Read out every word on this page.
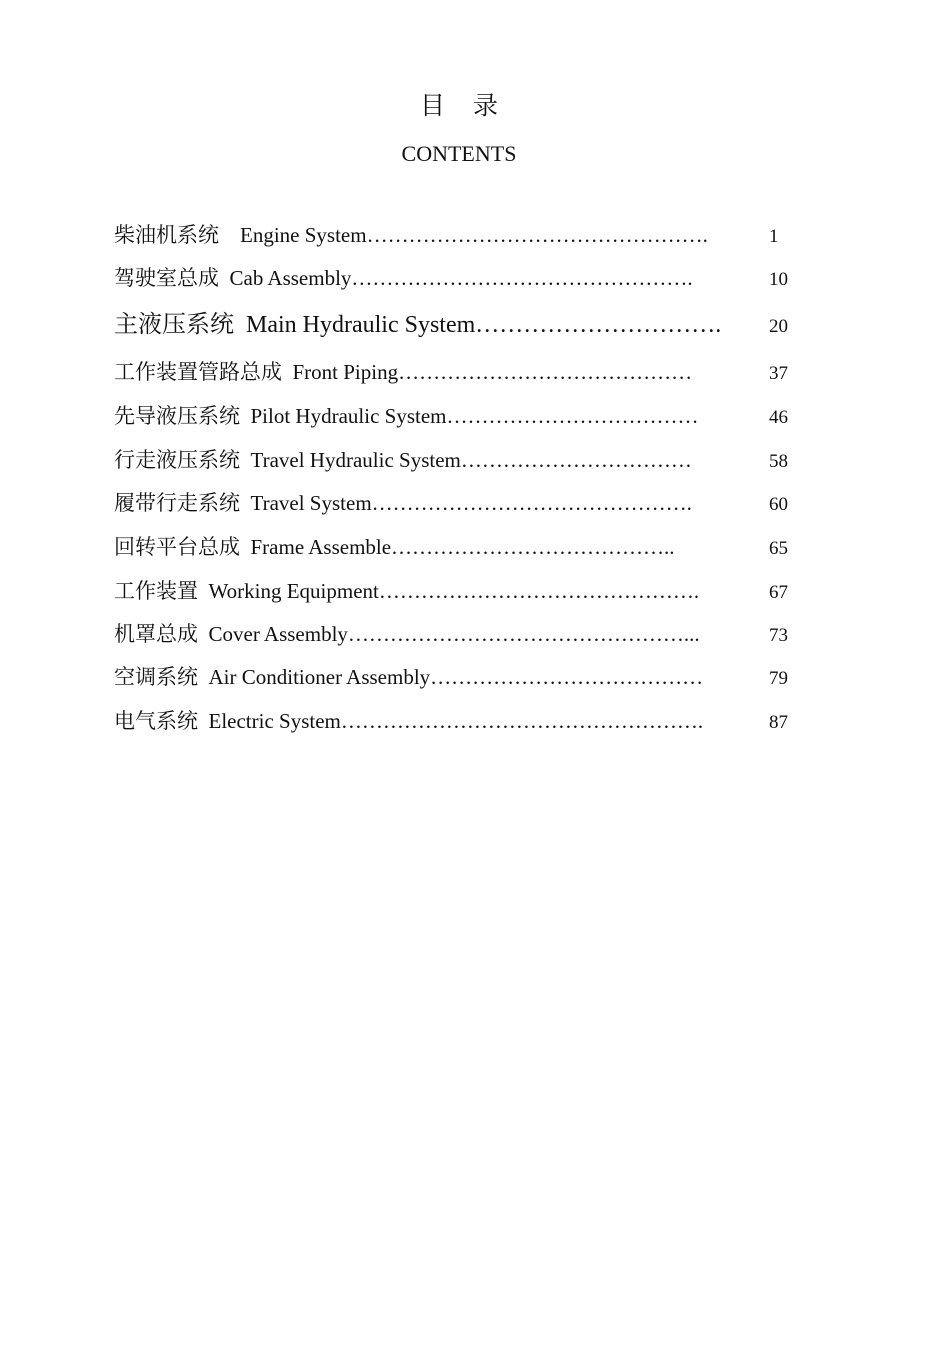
目录
CONTENTS
柴油机系统    Engine System………………………………………….	1
驾驶室总成  Cab Assembly………………………………………….	10
主液压系统  Main Hydraulic System………………………….	20
工作装置管路总成  Front Piping……………………………………	37
先导液压系统  Pilot Hydraulic System………………………………	46
行走液压系统  Travel Hydraulic System……………………………	58
履带行走系统  Travel System……………………………………….	60
回转平台总成  Frame Assemble…………………………………..	65
工作装置  Working Equipment……………………………………….	67
机罩总成  Cover Assembly…………………………………………...	73
空调系统  Air Conditioner Assembly…………………………………	79
电气系统  Electric System…………………………………………….	87
